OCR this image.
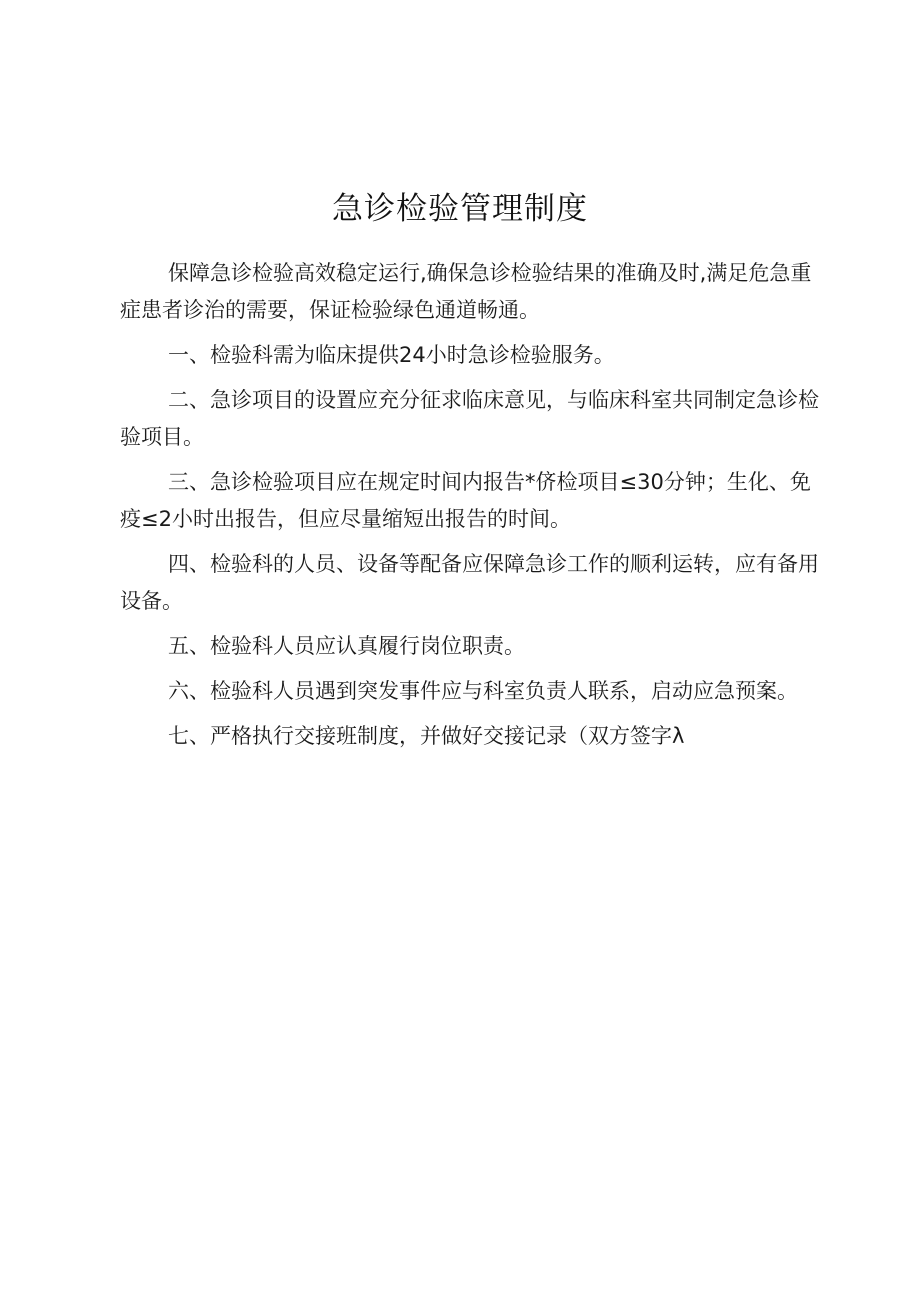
急诊检验管理制度

保障急诊检验高效稳定运行,确保急诊检验结果的准确及时,满足危急重症患者诊治的需要，保证检验绿色通道畅通。

一、检验科需为临床提供24小时急诊检验服务。

二、急诊项目的设置应充分征求临床意见，与临床科室共同制定急诊检验项目。

三、急诊检验项目应在规定时间内报告*侪检项目≤30分钟；生化、免疫≤2小时出报告，但应尽量缩短出报告的时间。

四、检验科的人员、设备等配备应保障急诊工作的顺利运转，应有备用设备。

五、检验科人员应认真履行岗位职责。

六、检验科人员遇到突发事件应与科室负责人联系，启动应急预案。

七、严格执行交接班制度，并做好交接记录（双方签字λ
